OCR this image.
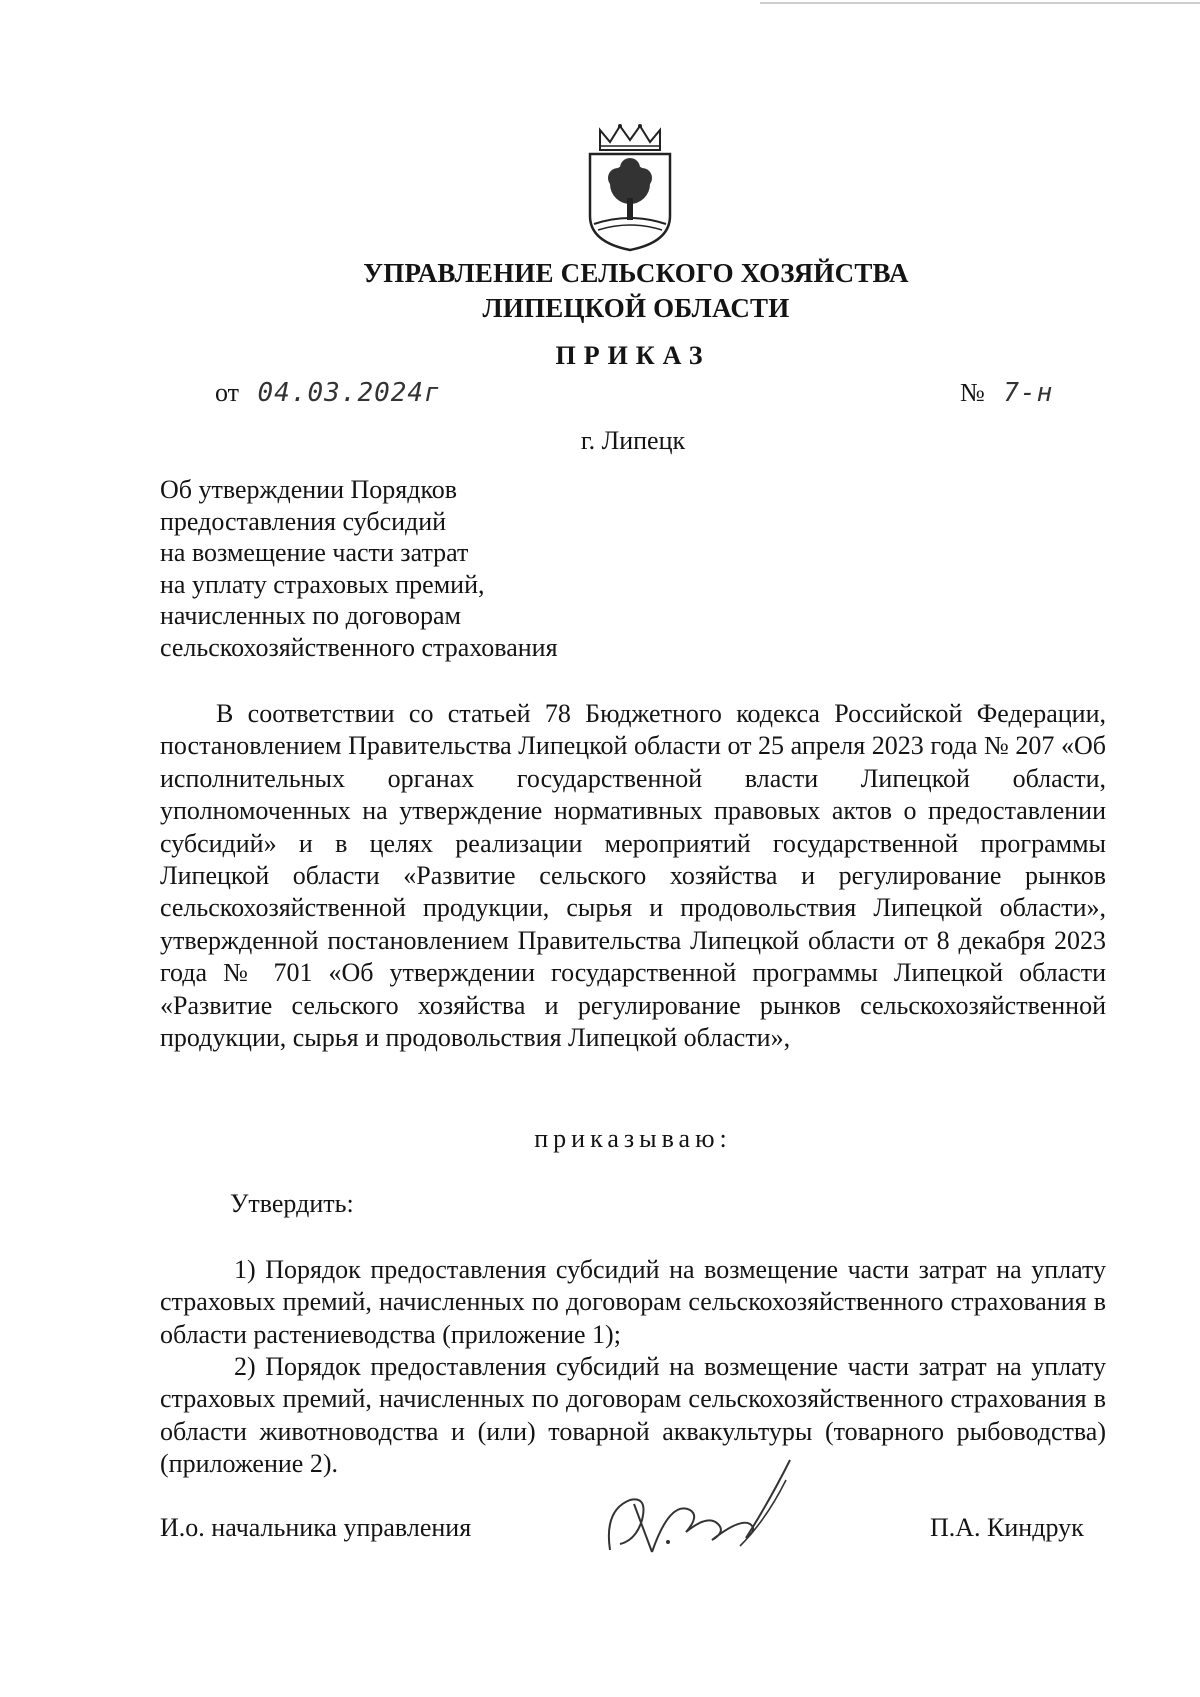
УПРАВЛЕНИЕ СЕЛЬСКОГО ХОЗЯЙСТВА
ЛИПЕЦКОЙ ОБЛАСТИ
ПРИКАЗ
от 04.03.2024г	№ 7-н
г. Липецк
Об утверждении Порядков
предоставления субсидий
на возмещение части затрат
на уплату страховых премий,
начисленных по договорам
сельскохозяйственного страхования

В соответствии со статьей 78 Бюджетного кодекса Российской Федерации, постановлением Правительства Липецкой области от 25 апреля 2023 года № 207 «Об исполнительных органах государственной власти Липецкой области, уполномоченных на утверждение нормативных правовых актов о предоставлении субсидий» и в целях реализации мероприятий государственной программы Липецкой области «Развитие сельского хозяйства и регулирование рынков сельскохозяйственной продукции, сырья и продовольствия Липецкой области», утвержденной постановлением Правительства Липецкой области от 8 декабря 2023 года № 701 «Об утверждении государственной программы Липецкой области «Развитие сельского хозяйства и регулирование рынков сельскохозяйственной продукции, сырья и продовольствия Липецкой области»,

приказываю:
Утвердить:

1) Порядок предоставления субсидий на возмещение части затрат на уплату страховых премий, начисленных по договорам сельскохозяйственного страхования в области растениеводства (приложение 1);

2) Порядок предоставления субсидий на возмещение части затрат на уплату страховых премий, начисленных по договорам сельскохозяйственного страхования в области животноводства и (или) товарной аквакультуры (товарного рыбоводства) (приложение 2).

И.о. начальника управления	П.А. Киндрук
